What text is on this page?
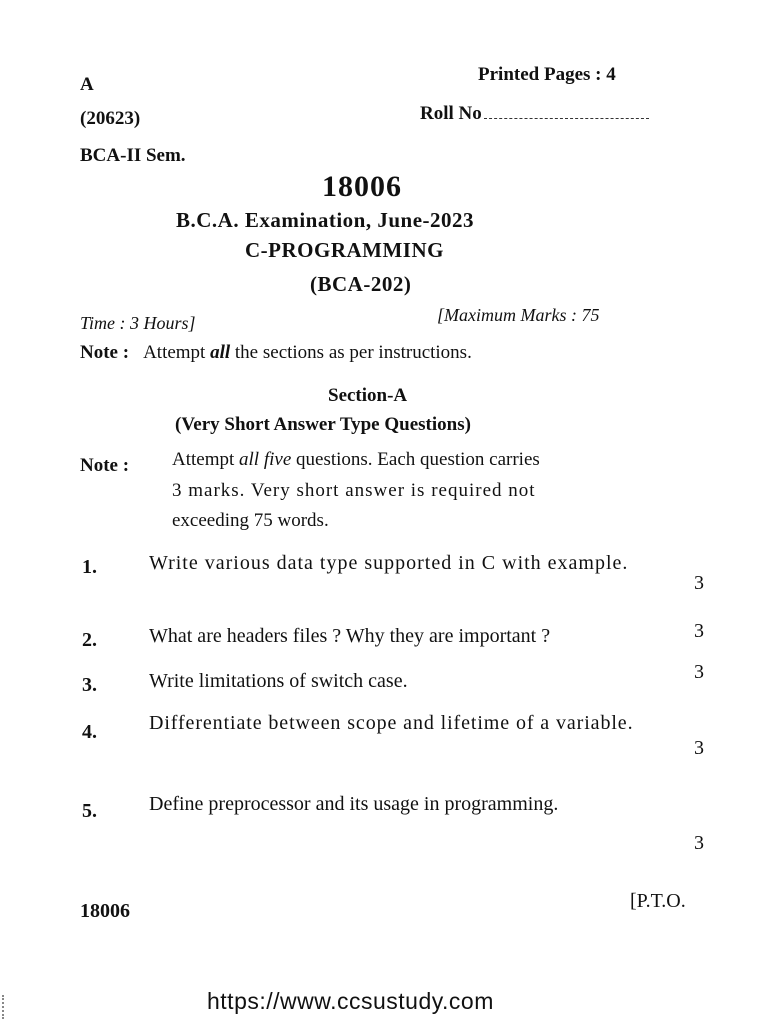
A	Printed Pages : 4
(20623)	Roll No
BCA-II Sem.
18006
B.C.A. Examination, June-2023
C-PROGRAMMING
(BCA-202)
Time : 3 Hours]	[Maximum Marks : 75
Note : Attempt all the sections as per instructions.
Section-A
(Very Short Answer Type Questions)
Note : Attempt all five questions. Each question carries
3 marks. Very short answer is required not
exceeding 75 words.
1.	Write various data type supported in C with example.
3
2.	What are headers files ? Why they are important ?	3
3.	Write limitations of switch case.	3
4.	Differentiate between scope and lifetime of a variable.
3
5.	Define preprocessor and its usage in programming.
3
18006	[P.T.O.
https://www.ccsustudy.com
